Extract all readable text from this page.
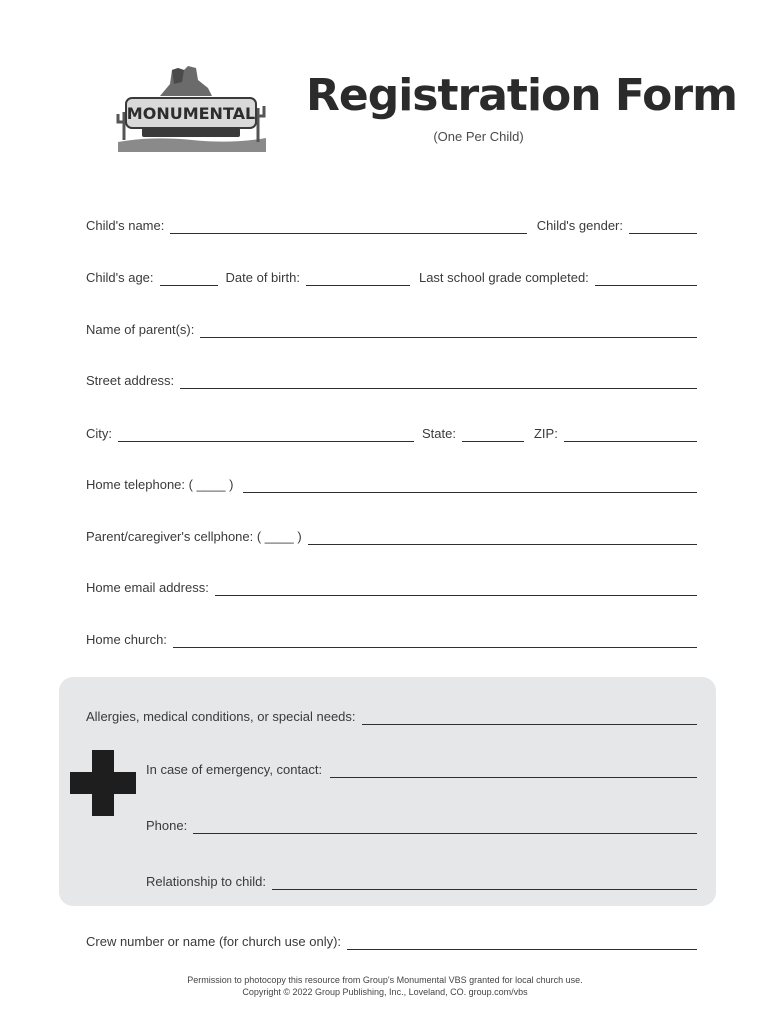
MONUMENTAL Registration Form
(One Per Child)
Child's name:	Child's gender:
Child's age:	Date of birth:	Last school grade completed:
Name of parent(s):
Street address:
City:	State:	ZIP:
Home telephone: ( ____ )
Parent/caregiver's cellphone: ( ____ )
Home email address:
Home church:
Allergies, medical conditions, or special needs:
In case of emergency, contact:
Phone:
Relationship to child:
Crew number or name (for church use only):
Permission to photocopy this resource from Group's Monumental VBS granted for local church use.
Copyright © 2022 Group Publishing, Inc., Loveland, CO. group.com/vbs
